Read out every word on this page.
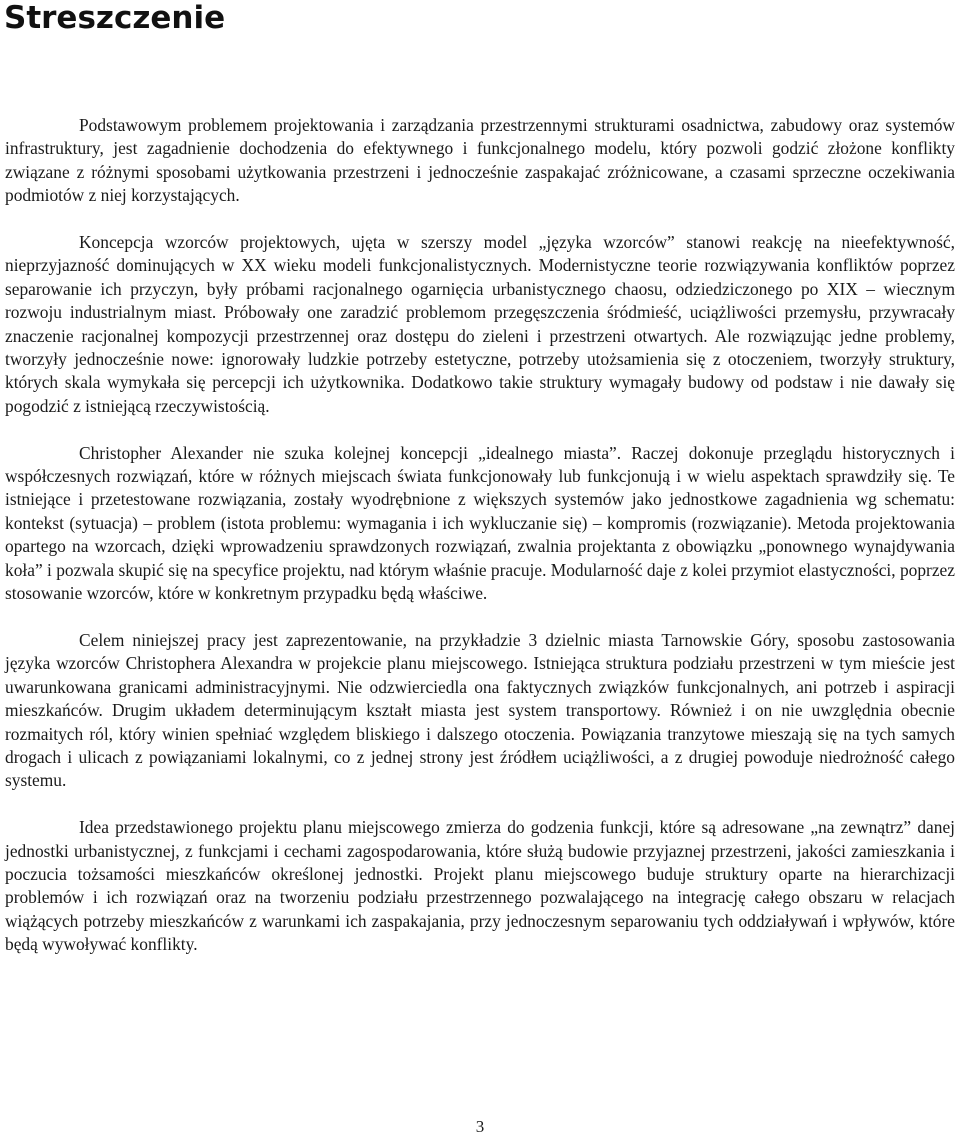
Streszczenie

Podstawowym problemem projektowania i zarządzania przestrzennymi strukturami osadnictwa, zabudowy oraz systemów infrastruktury, jest zagadnienie dochodzenia do efektywnego i funkcjonalnego modelu, który pozwoli godzić złożone konflikty związane z różnymi sposobami użytkowania przestrzeni i jednocześnie zaspakajać zróżnicowane, a czasami sprzeczne oczekiwania podmiotów z niej korzystających.

Koncepcja wzorców projektowych, ujęta w szerszy model „języka wzorców” stanowi reakcję na nieefektywność, nieprzyjazność dominujących w XX wieku modeli funkcjonalistycznych. Modernistyczne teorie rozwiązywania konfliktów poprzez separowanie ich przyczyn, były próbami racjonalnego ogarnięcia urbanistycznego chaosu, odziedziczonego po XIX – wiecznym rozwoju industrialnym miast. Próbowały one zaradzić problemom przegęszczenia śródmieść, uciążliwości przemysłu, przywracały znaczenie racjonalnej kompozycji przestrzennej oraz dostępu do zieleni i przestrzeni otwartych. Ale rozwiązując jedne problemy, tworzyły jednocześnie nowe: ignorowały ludzkie potrzeby estetyczne, potrzeby utożsamienia się z otoczeniem, tworzyły struktury, których skala wymykała się percepcji ich użytkownika. Dodatkowo takie struktury wymagały budowy od podstaw i nie dawały się pogodzić z istniejącą rzeczywistością.

Christopher Alexander nie szuka kolejnej koncepcji „idealnego miasta”. Raczej dokonuje przeglądu historycznych i współczesnych rozwiązań, które w różnych miejscach świata funkcjonowały lub funkcjonują i w wielu aspektach sprawdziły się. Te istniejące i przetestowane rozwiązania, zostały wyodrębnione z większych systemów jako jednostkowe zagadnienia wg schematu: kontekst (sytuacja) – problem (istota problemu: wymagania i ich wykluczanie się) – kompromis (rozwiązanie). Metoda projektowania opartego na wzorcach, dzięki wprowadzeniu sprawdzonych rozwiązań, zwalnia projektanta z obowiązku „ponownego wynajdywania koła” i pozwala skupić się na specyfice projektu, nad którym właśnie pracuje. Modularność daje z kolei przymiot elastyczności, poprzez stosowanie wzorców, które w konkretnym przypadku będą właściwe.

Celem niniejszej pracy jest zaprezentowanie, na przykładzie 3 dzielnic miasta Tarnowskie Góry, sposobu zastosowania języka wzorców Christophera Alexandra w projekcie planu miejscowego. Istniejąca struktura podziału przestrzeni w tym mieście jest uwarunkowana granicami administracyjnymi. Nie odzwierciedla ona faktycznych związków funkcjonalnych, ani potrzeb i aspiracji mieszkańców. Drugim układem determinującym kształt miasta jest system transportowy. Również i on nie uwzględnia obecnie rozmaitych ról, który winien spełniać względem bliskiego i dalszego otoczenia. Powiązania tranzytowe mieszają się na tych samych drogach i ulicach z powiązaniami lokalnymi, co z jednej strony jest źródłem uciążliwości, a z drugiej powoduje niedrożność całego systemu.

Idea przedstawionego projektu planu miejscowego zmierza do godzenia funkcji, które są adresowane „na zewnątrz” danej jednostki urbanistycznej, z funkcjami i cechami zagospodarowania, które służą budowie przyjaznej przestrzeni, jakości zamieszkania i poczucia tożsamości mieszkańców określonej jednostki. Projekt planu miejscowego buduje struktury oparte na hierarchizacji problemów i ich rozwiązań oraz na tworzeniu podziału przestrzennego pozwalającego na integrację całego obszaru w relacjach wiążących potrzeby mieszkańców z warunkami ich zaspakajania, przy jednoczesnym separowaniu tych oddziaływań i wpływów, które będą wywoływać konflikty.

3
